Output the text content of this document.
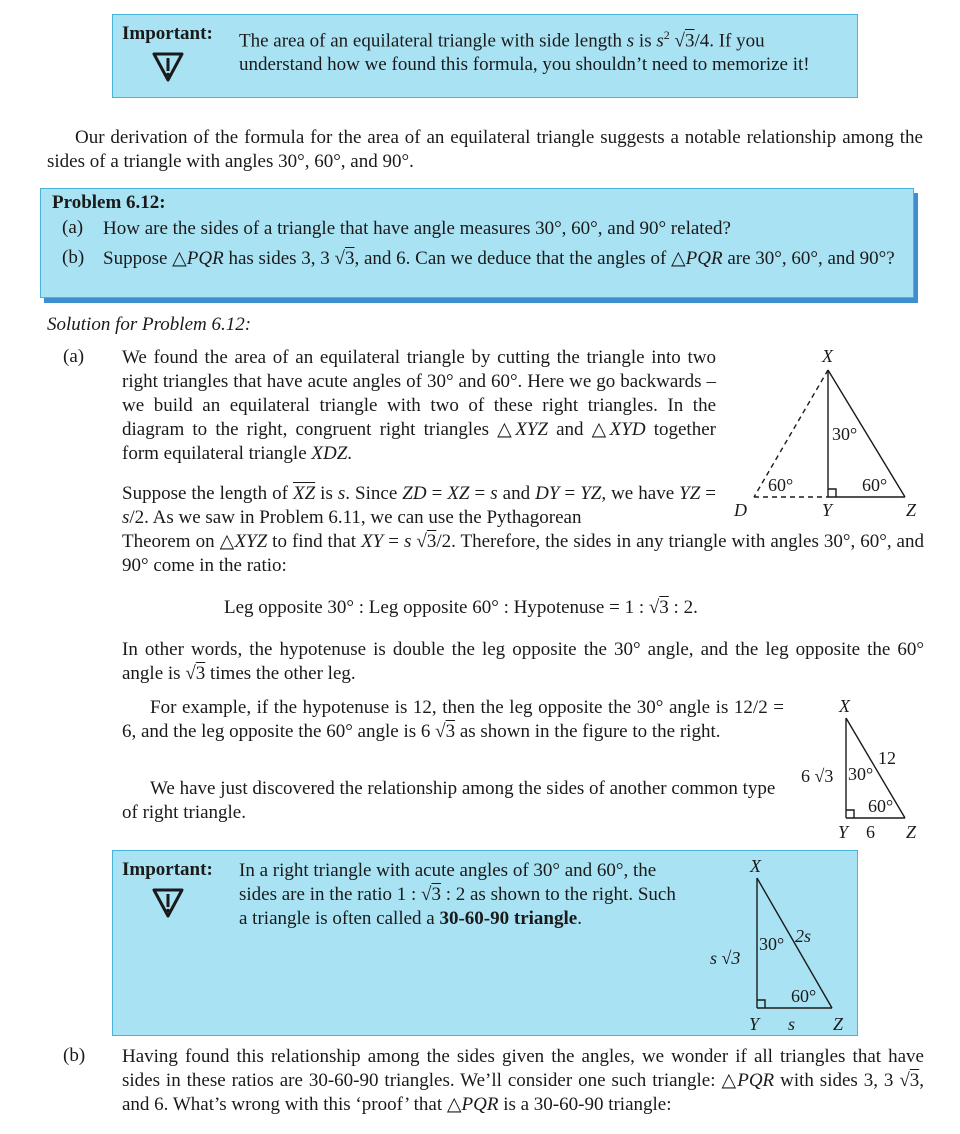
Important: The area of an equilateral triangle with side length s is $s^2$ √3/4. If you understand how we found this formula, you shouldn’t need to memorize it!
Our derivation of the formula for the area of an equilateral triangle suggests a notable relationship among the sides of a triangle with angles 30°, 60°, and 90°.
Problem 6.12:
(a) How are the sides of a triangle that have angle measures 30°, 60°, and 90° related?
(b) Suppose △PQR has sides 3, 3 √3, and 6. Can we deduce that the angles of △PQR are 30°, 60°, and 90°?
Solution for Problem 6.12:
(a) We found the area of an equilateral triangle by cutting the triangle into two right triangles that have acute angles of 30° and 60°. Here we go backwards – we build an equilateral triangle with two of these right triangles. In the diagram to the right, congruent right triangles △XYZ and △XYD together form equilateral triangle XDZ.
Suppose the length of $\overline{XZ}$ is s. Since ZD = XZ = s and DY = YZ, we have YZ = s/2. As we saw in Problem 6.11, we can use the Pythagorean
Theorem on △XYZ to find that XY = s √3/2. Therefore, the sides in any triangle with angles 30°, 60°, and 90° come in the ratio:
Leg opposite 30° : Leg opposite 60° : Hypotenuse = 1 : √3 : 2.
In other words, the hypotenuse is double the leg opposite the 30° angle, and the leg opposite the 60° angle is √3 times the other leg.
For example, if the hypotenuse is 12, then the leg opposite the 30° angle is 12/2 = 6, and the leg opposite the 60° angle is 6 √3 as shown in the figure to the right.
We have just discovered the relationship among the sides of another common type of right triangle.
Important: In a right triangle with acute angles of 30° and 60°, the sides are in the ratio 1 : √3 : 2 as shown to the right. Such a triangle is often called a 30-60-90 triangle.
(b) Having found this relationship among the sides given the angles, we wonder if all triangles that have sides in these ratios are 30-60-90 triangles. We’ll consider one such triangle: △PQR with sides 3, 3 √3, and 6. What’s wrong with this ‘proof’ that △PQR is a 30-60-90 triangle:
X
D	Y	Z
30°
60°	60°
X
12
6 √3 30°
60°
Y 6 Z
X
2s
s √3
30°
60°
Y s Z
